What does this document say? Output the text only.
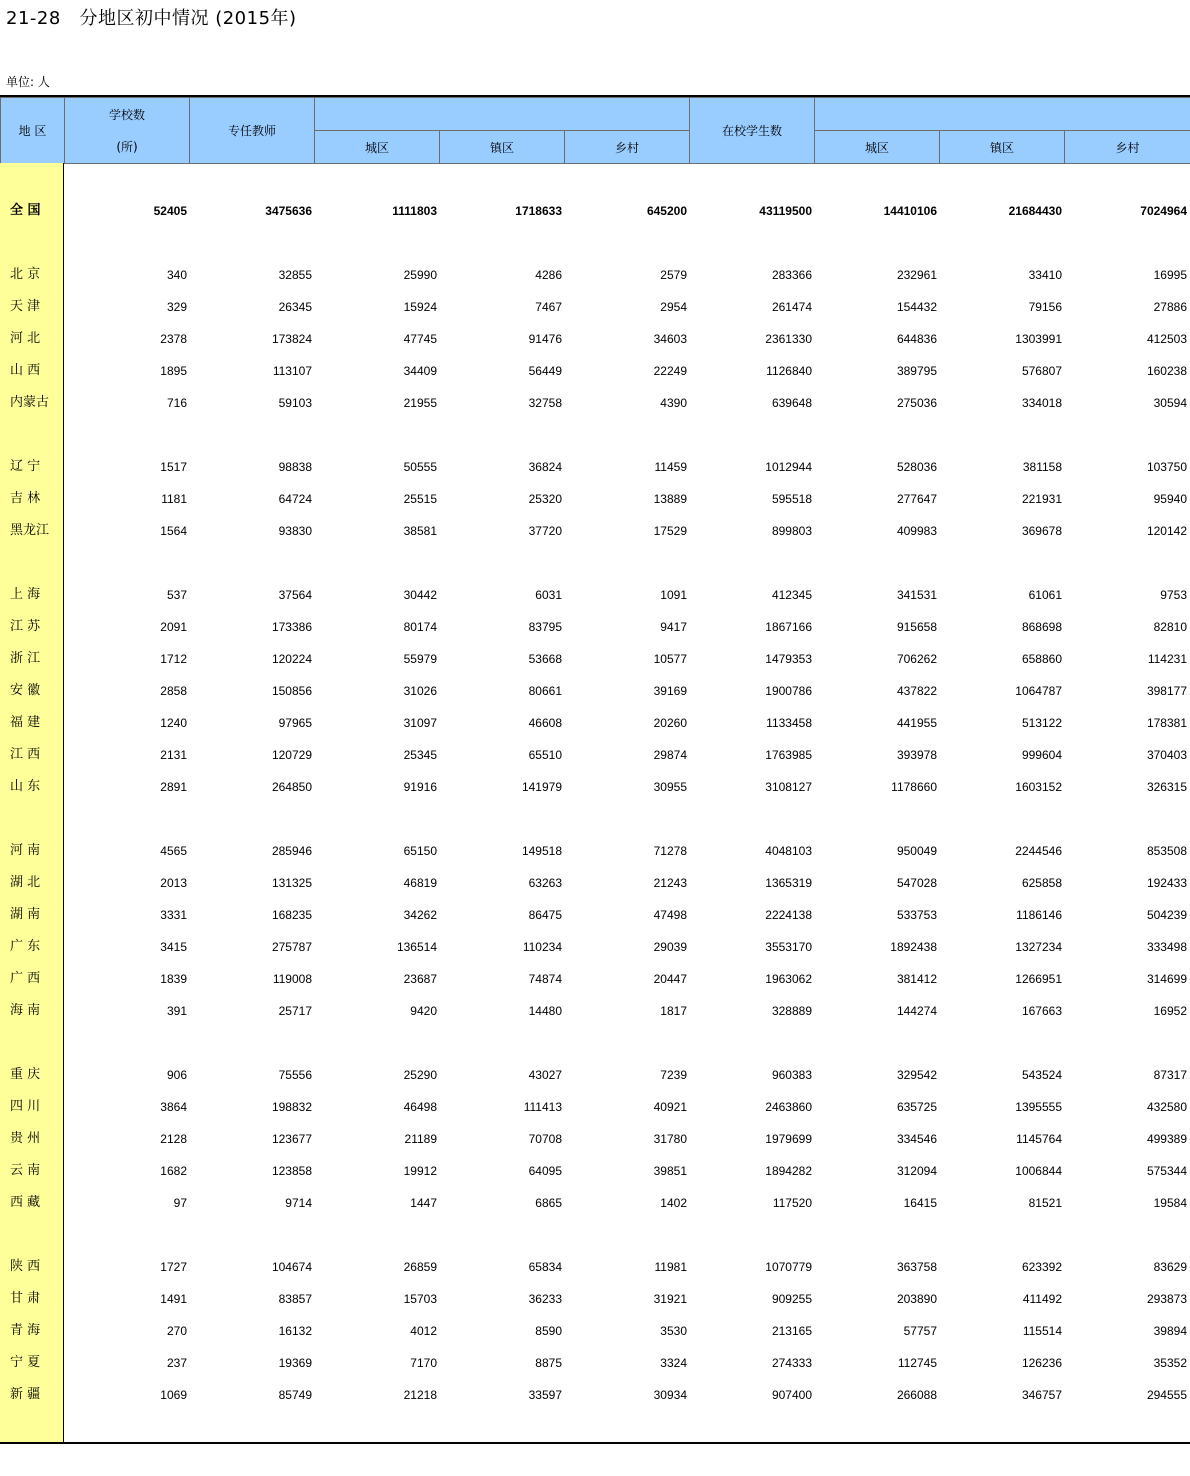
21-28   分地区初中情况 (2015年)
单位: 人
地 区	学校数	专任教师				在校学生数			
	(所)		城区	镇区	乡村		城区	镇区	乡村
全 国	52405	3475636	1111803	1718633	645200	43119500	14410106	21684430	7024964
北 京	340	32855	25990	4286	2579	283366	232961	33410	16995
天 津	329	26345	15924	7467	2954	261474	154432	79156	27886
河 北	2378	173824	47745	91476	34603	2361330	644836	1303991	412503
山 西	1895	113107	34409	56449	22249	1126840	389795	576807	160238
内蒙古	716	59103	21955	32758	4390	639648	275036	334018	30594
辽 宁	1517	98838	50555	36824	11459	1012944	528036	381158	103750
吉 林	1181	64724	25515	25320	13889	595518	277647	221931	95940
黑龙江	1564	93830	38581	37720	17529	899803	409983	369678	120142
上 海	537	37564	30442	6031	1091	412345	341531	61061	9753
江 苏	2091	173386	80174	83795	9417	1867166	915658	868698	82810
浙 江	1712	120224	55979	53668	10577	1479353	706262	658860	114231
安 徽	2858	150856	31026	80661	39169	1900786	437822	1064787	398177
福 建	1240	97965	31097	46608	20260	1133458	441955	513122	178381
江 西	2131	120729	25345	65510	29874	1763985	393978	999604	370403
山 东	2891	264850	91916	141979	30955	3108127	1178660	1603152	326315
河 南	4565	285946	65150	149518	71278	4048103	950049	2244546	853508
湖 北	2013	131325	46819	63263	21243	1365319	547028	625858	192433
湖 南	3331	168235	34262	86475	47498	2224138	533753	1186146	504239
广 东	3415	275787	136514	110234	29039	3553170	1892438	1327234	333498
广 西	1839	119008	23687	74874	20447	1963062	381412	1266951	314699
海 南	391	25717	9420	14480	1817	328889	144274	167663	16952
重 庆	906	75556	25290	43027	7239	960383	329542	543524	87317
四 川	3864	198832	46498	111413	40921	2463860	635725	1395555	432580
贵 州	2128	123677	21189	70708	31780	1979699	334546	1145764	499389
云 南	1682	123858	19912	64095	39851	1894282	312094	1006844	575344
西 藏	97	9714	1447	6865	1402	117520	16415	81521	19584
陕 西	1727	104674	26859	65834	11981	1070779	363758	623392	83629
甘 肃	1491	83857	15703	36233	31921	909255	203890	411492	293873
青 海	270	16132	4012	8590	3530	213165	57757	115514	39894
宁 夏	237	19369	7170	8875	3324	274333	112745	126236	35352
新 疆	1069	85749	21218	33597	30934	907400	266088	346757	294555
